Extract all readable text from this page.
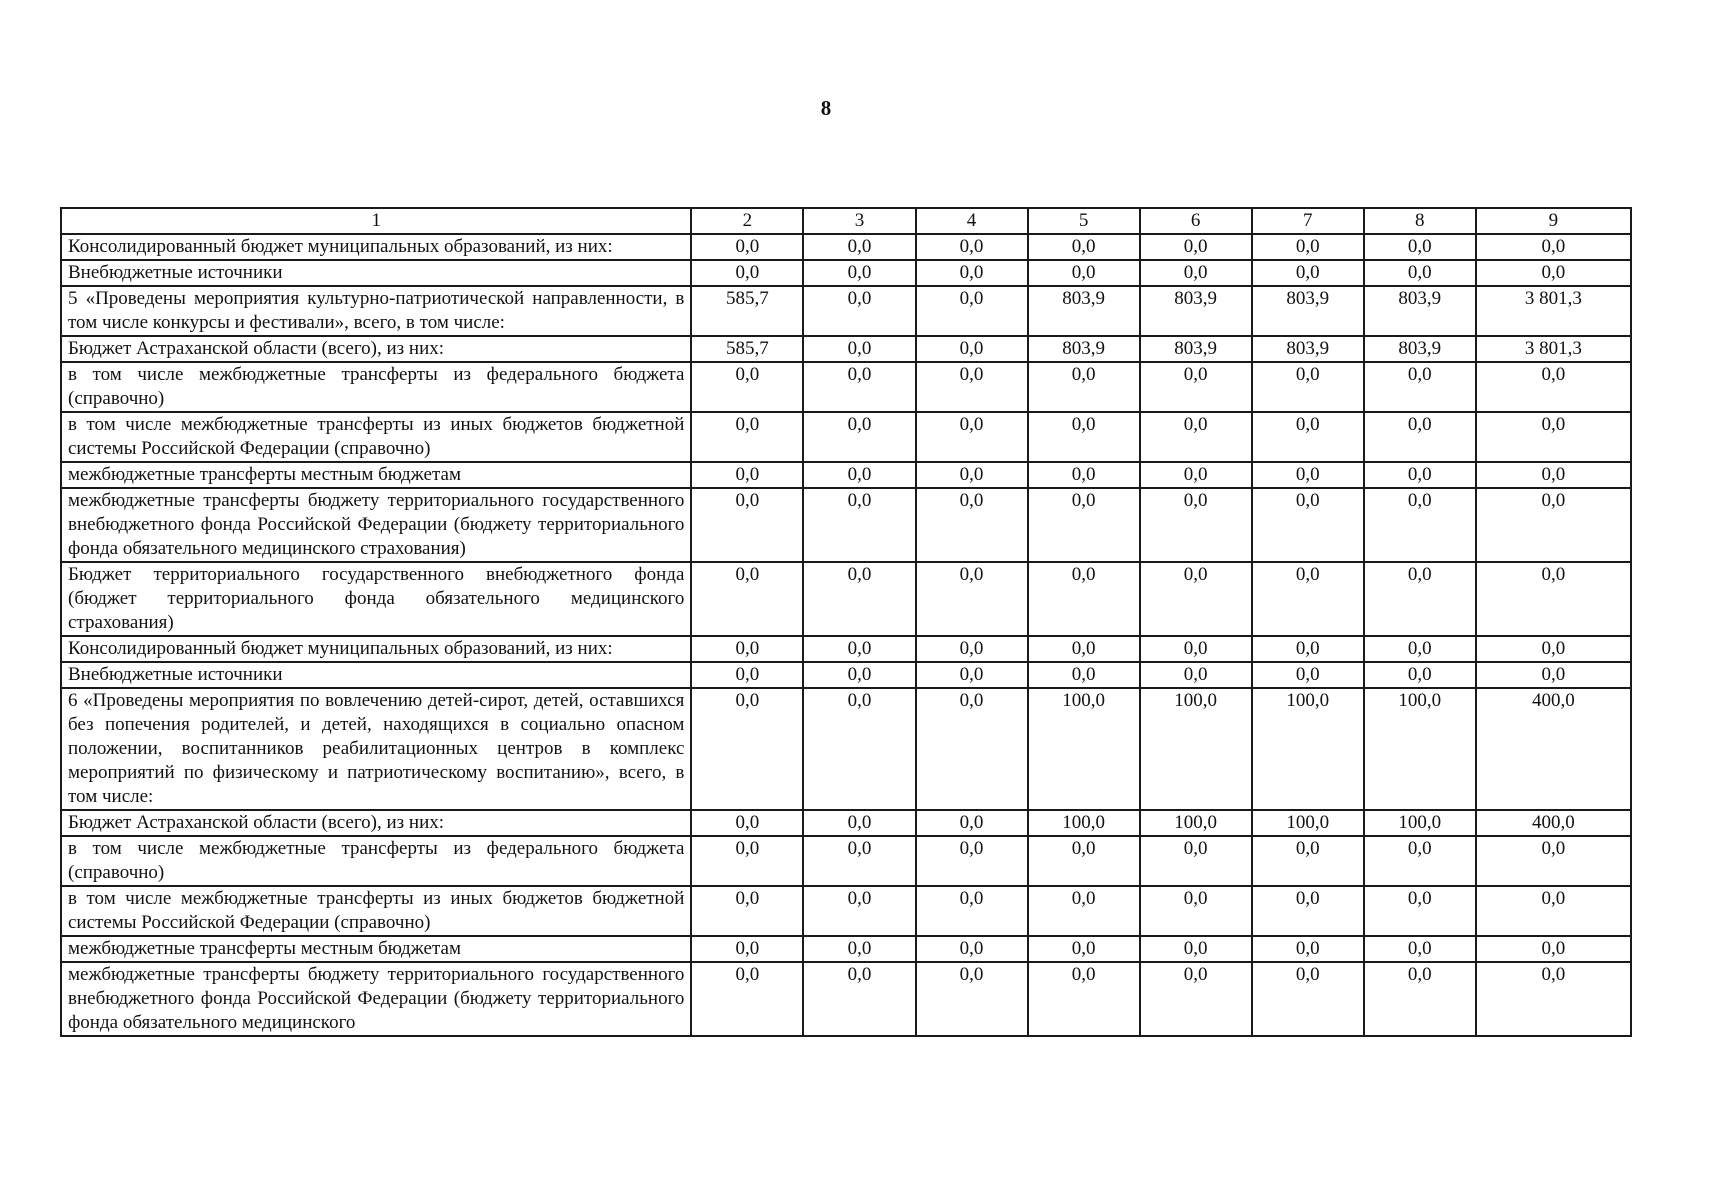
8
1	2	3	4	5	6	7	8	9
Консолидированный бюджет муниципальных образований, из них:	0,0	0,0	0,0	0,0	0,0	0,0	0,0	0,0
Внебюджетные источники	0,0	0,0	0,0	0,0	0,0	0,0	0,0	0,0
5 «Проведены мероприятия культурно-патриотической направленности, в том числе конкурсы и фестивали», всего, в том числе:	585,7	0,0	0,0	803,9	803,9	803,9	803,9	3 801,3
Бюджет Астраханской области (всего), из них:	585,7	0,0	0,0	803,9	803,9	803,9	803,9	3 801,3
в том числе межбюджетные трансферты из федерального бюджета (справочно)	0,0	0,0	0,0	0,0	0,0	0,0	0,0	0,0
в том числе межбюджетные трансферты из иных бюджетов бюджетной системы Российской Федерации (справочно)	0,0	0,0	0,0	0,0	0,0	0,0	0,0	0,0
межбюджетные трансферты местным бюджетам	0,0	0,0	0,0	0,0	0,0	0,0	0,0	0,0
межбюджетные трансферты бюджету территориального государственного внебюджетного фонда Российской Федерации (бюджету территориального фонда обязательного медицинского страхования)	0,0	0,0	0,0	0,0	0,0	0,0	0,0	0,0
Бюджет территориального государственного внебюджетного фонда (бюджет территориального фонда обязательного медицинского страхования)	0,0	0,0	0,0	0,0	0,0	0,0	0,0	0,0
Консолидированный бюджет муниципальных образований, из них:	0,0	0,0	0,0	0,0	0,0	0,0	0,0	0,0
Внебюджетные источники	0,0	0,0	0,0	0,0	0,0	0,0	0,0	0,0
6 «Проведены мероприятия по вовлечению детей-сирот, детей, оставшихся без попечения родителей, и детей, находящихся в социально опасном положении, воспитанников реабилитационных центров в комплекс мероприятий по физическому и патриотическому воспитанию», всего, в том числе:	0,0	0,0	0,0	100,0	100,0	100,0	100,0	400,0
Бюджет Астраханской области (всего), из них:	0,0	0,0	0,0	100,0	100,0	100,0	100,0	400,0
в том числе межбюджетные трансферты из федерального бюджета (справочно)	0,0	0,0	0,0	0,0	0,0	0,0	0,0	0,0
в том числе межбюджетные трансферты из иных бюджетов бюджетной системы Российской Федерации (справочно)	0,0	0,0	0,0	0,0	0,0	0,0	0,0	0,0
межбюджетные трансферты местным бюджетам	0,0	0,0	0,0	0,0	0,0	0,0	0,0	0,0
межбюджетные трансферты бюджету территориального государственного внебюджетного фонда Российской Федерации (бюджету территориального фонда обязательного медицинского	0,0	0,0	0,0	0,0	0,0	0,0	0,0	0,0
